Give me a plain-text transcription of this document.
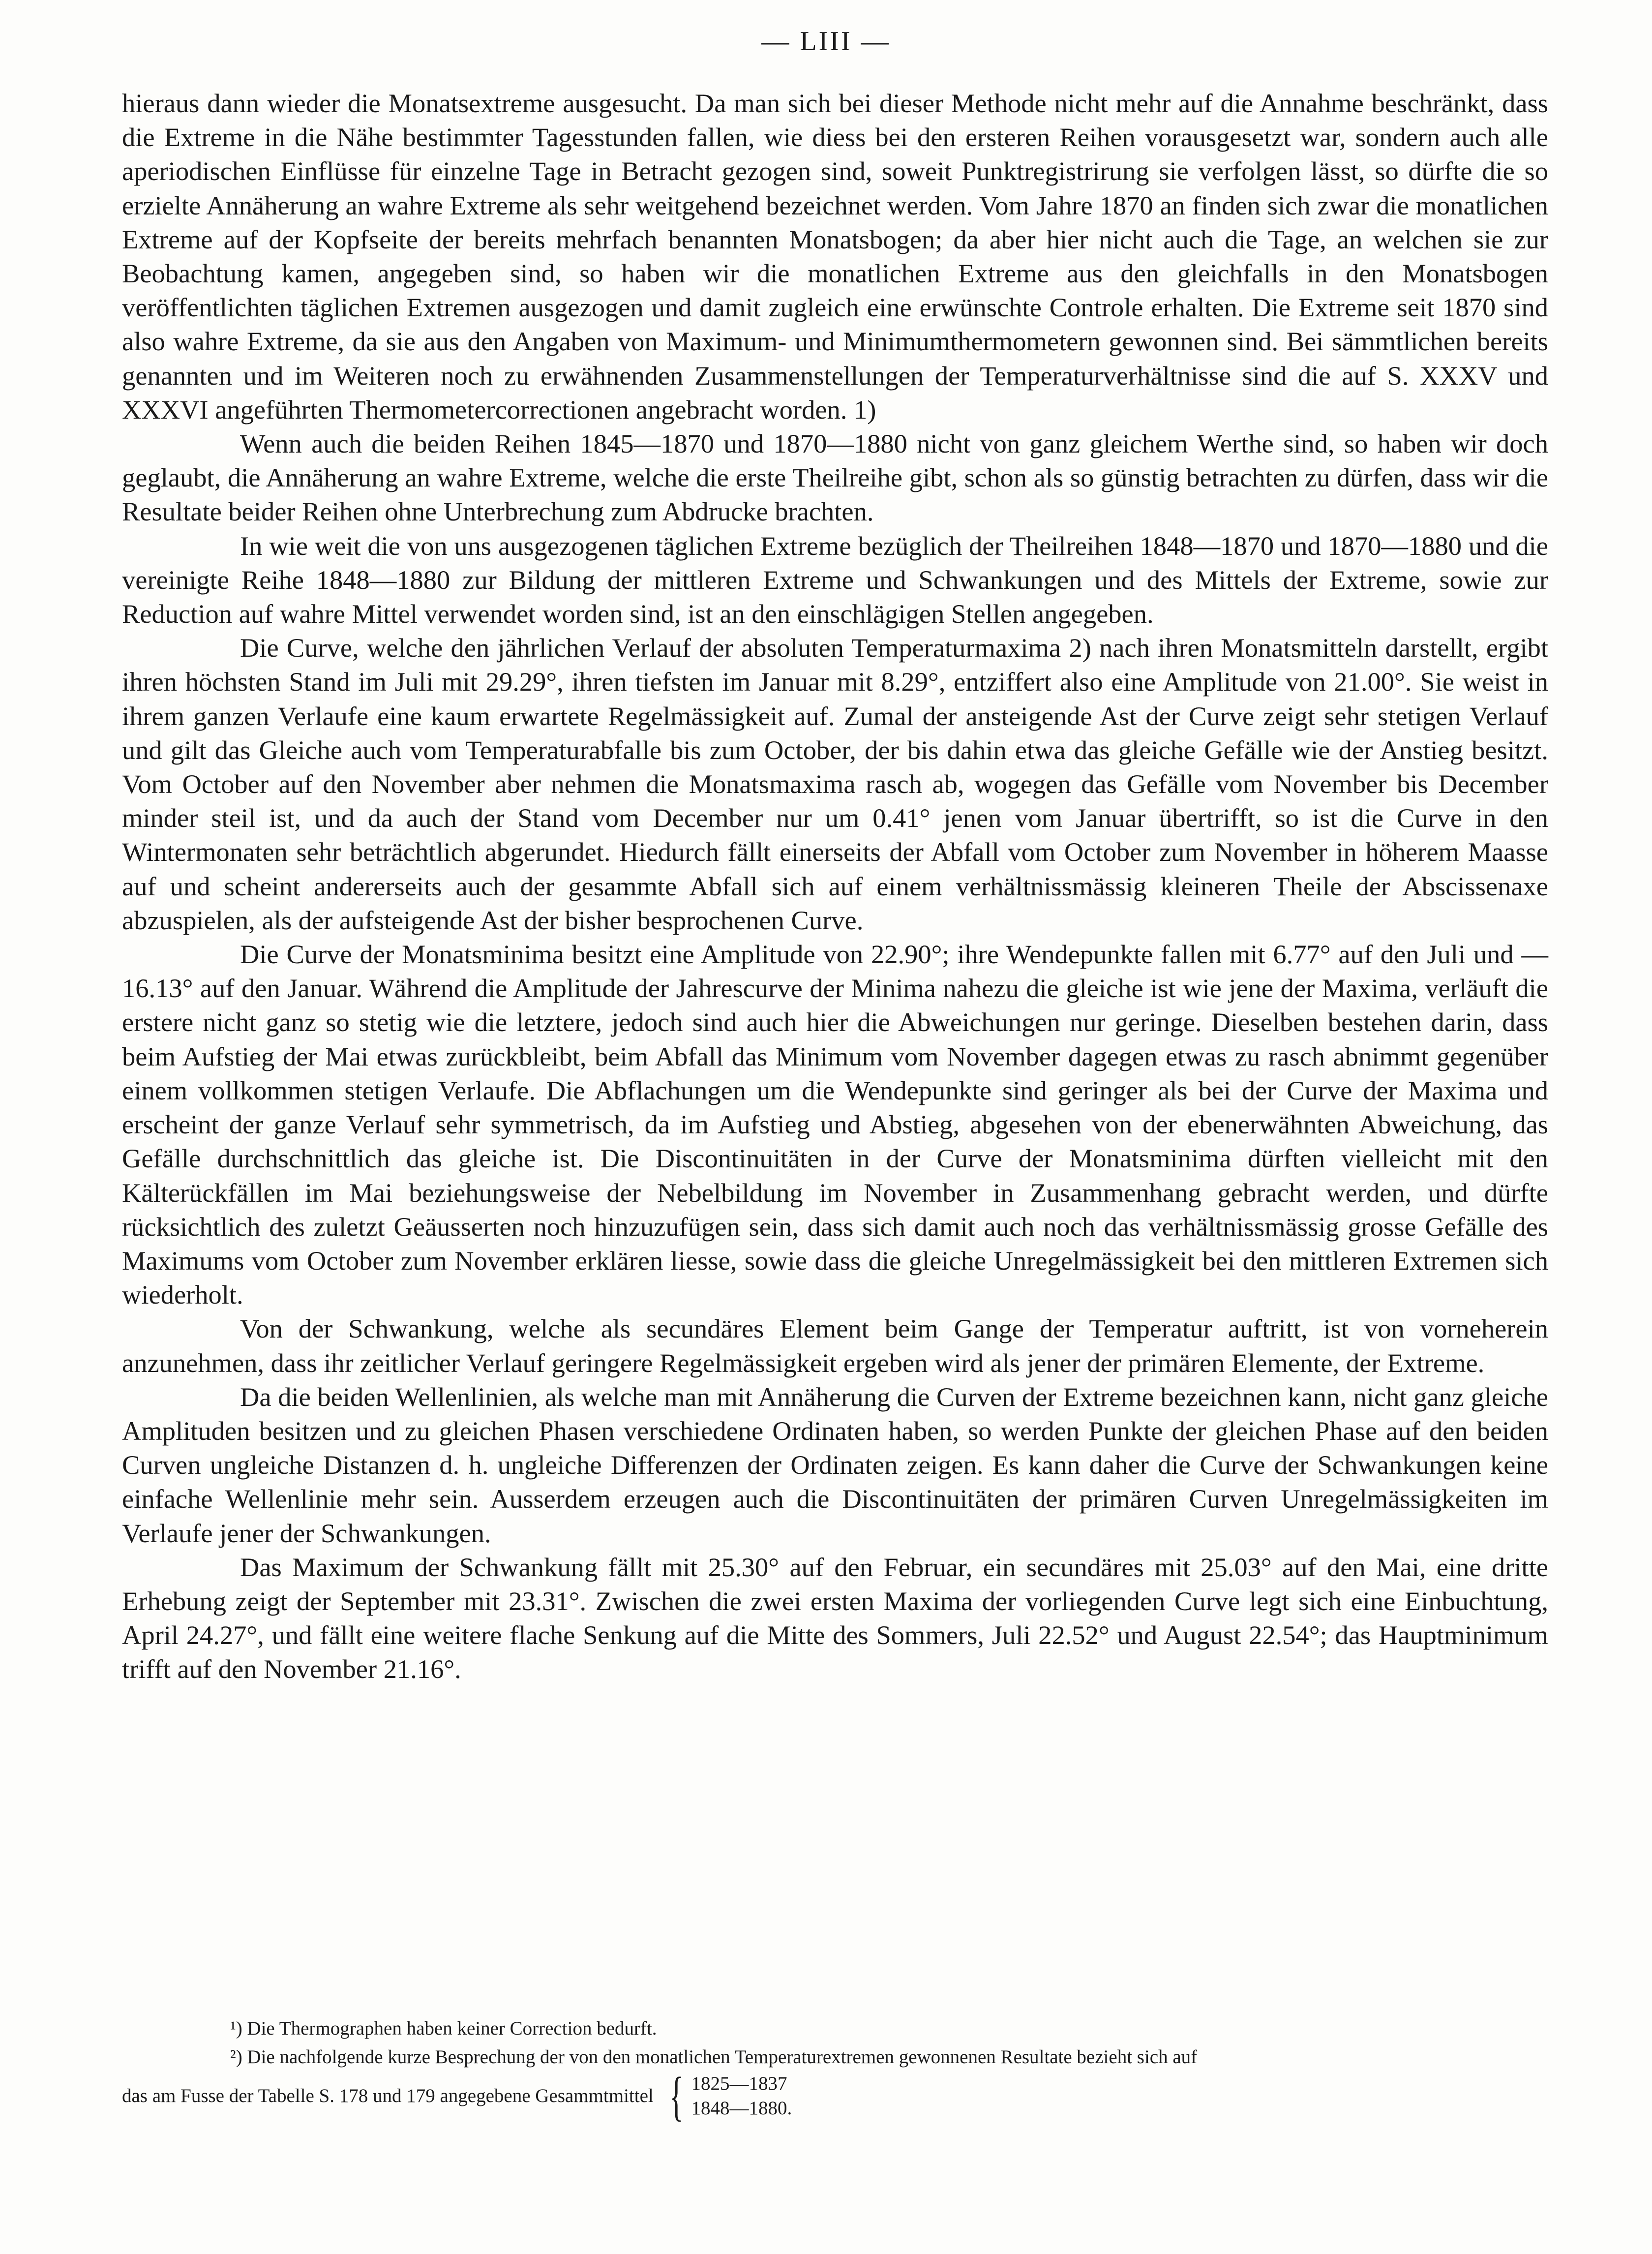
— LIII —

hieraus dann wieder die Monatsextreme ausgesucht. Da man sich bei dieser Methode nicht mehr auf die Annahme beschränkt, dass die Extreme in die Nähe bestimmter Tagesstunden fallen, wie diess bei den ersteren Reihen vorausgesetzt war, sondern auch alle aperiodischen Einflüsse für einzelne Tage in Betracht gezogen sind, soweit Punktregistrirung sie verfolgen lässt, so dürfte die so erzielte Annäherung an wahre Extreme als sehr weitgehend bezeichnet werden. Vom Jahre 1870 an finden sich zwar die monatlichen Extreme auf der Kopfseite der bereits mehrfach benannten Monatsbogen; da aber hier nicht auch die Tage, an welchen sie zur Beobachtung kamen, angegeben sind, so haben wir die monatlichen Extreme aus den gleichfalls in den Monatsbogen veröffentlichten täglichen Extremen ausgezogen und damit zugleich eine erwünschte Controle erhalten. Die Extreme seit 1870 sind also wahre Extreme, da sie aus den Angaben von Maximum- und Minimumthermometern gewonnen sind. Bei sämmtlichen bereits genannten und im Weiteren noch zu erwähnenden Zusammenstellungen der Temperaturverhältnisse sind die auf S. XXXV und XXXVI angeführten Thermometercorrectionen angebracht worden. 1)

Wenn auch die beiden Reihen 1845—1870 und 1870—1880 nicht von ganz gleichem Werthe sind, so haben wir doch geglaubt, die Annäherung an wahre Extreme, welche die erste Theilreihe gibt, schon als so günstig betrachten zu dürfen, dass wir die Resultate beider Reihen ohne Unterbrechung zum Abdrucke brachten.

In wie weit die von uns ausgezogenen täglichen Extreme bezüglich der Theilreihen 1848—1870 und 1870—1880 und die vereinigte Reihe 1848—1880 zur Bildung der mittleren Extreme und Schwankungen und des Mittels der Extreme, sowie zur Reduction auf wahre Mittel verwendet worden sind, ist an den einschlägigen Stellen angegeben.

Die Curve, welche den jährlichen Verlauf der absoluten Temperaturmaxima 2) nach ihren Monatsmitteln darstellt, ergibt ihren höchsten Stand im Juli mit 29.29°, ihren tiefsten im Januar mit 8.29°, entziffert also eine Amplitude von 21.00°. Sie weist in ihrem ganzen Verlaufe eine kaum erwartete Regelmässigkeit auf. Zumal der ansteigende Ast der Curve zeigt sehr stetigen Verlauf und gilt das Gleiche auch vom Temperaturabfalle bis zum October, der bis dahin etwa das gleiche Gefälle wie der Anstieg besitzt. Vom October auf den November aber nehmen die Monatsmaxima rasch ab, wogegen das Gefälle vom November bis December minder steil ist, und da auch der Stand vom December nur um 0.41° jenen vom Januar übertrifft, so ist die Curve in den Wintermonaten sehr beträchtlich abgerundet. Hiedurch fällt einerseits der Abfall vom October zum November in höherem Maasse auf und scheint andererseits auch der gesammte Abfall sich auf einem verhältnissmässig kleineren Theile der Abscissenaxe abzuspielen, als der aufsteigende Ast der bisher besprochenen Curve.

Die Curve der Monatsminima besitzt eine Amplitude von 22.90°; ihre Wendepunkte fallen mit 6.77° auf den Juli und — 16.13° auf den Januar. Während die Amplitude der Jahrescurve der Minima nahezu die gleiche ist wie jene der Maxima, verläuft die erstere nicht ganz so stetig wie die letztere, jedoch sind auch hier die Abweichungen nur geringe. Dieselben bestehen darin, dass beim Aufstieg der Mai etwas zurückbleibt, beim Abfall das Minimum vom November dagegen etwas zu rasch abnimmt gegenüber einem vollkommen stetigen Verlaufe. Die Abflachungen um die Wendepunkte sind geringer als bei der Curve der Maxima und erscheint der ganze Verlauf sehr symmetrisch, da im Aufstieg und Abstieg, abgesehen von der ebenerwähnten Abweichung, das Gefälle durchschnittlich das gleiche ist. Die Discontinuitäten in der Curve der Monatsminima dürften vielleicht mit den Kälterückfällen im Mai beziehungsweise der Nebelbildung im November in Zusammenhang gebracht werden, und dürfte rücksichtlich des zuletzt Geäusserten noch hinzuzufügen sein, dass sich damit auch noch das verhältnissmässig grosse Gefälle des Maximums vom October zum November erklären liesse, sowie dass die gleiche Unregelmässigkeit bei den mittleren Extremen sich wiederholt.

Von der Schwankung, welche als secundäres Element beim Gange der Temperatur auftritt, ist von vorneherein anzunehmen, dass ihr zeitlicher Verlauf geringere Regelmässigkeit ergeben wird als jener der primären Elemente, der Extreme.

Da die beiden Wellenlinien, als welche man mit Annäherung die Curven der Extreme bezeichnen kann, nicht ganz gleiche Amplituden besitzen und zu gleichen Phasen verschiedene Ordinaten haben, so werden Punkte der gleichen Phase auf den beiden Curven ungleiche Distanzen d. h. ungleiche Differenzen der Ordinaten zeigen. Es kann daher die Curve der Schwankungen keine einfache Wellenlinie mehr sein. Ausserdem erzeugen auch die Discontinuitäten der primären Curven Unregelmässigkeiten im Verlaufe jener der Schwankungen.

Das Maximum der Schwankung fällt mit 25.30° auf den Februar, ein secundäres mit 25.03° auf den Mai, eine dritte Erhebung zeigt der September mit 23.31°. Zwischen die zwei ersten Maxima der vorliegenden Curve legt sich eine Einbuchtung, April 24.27°, und fällt eine weitere flache Senkung auf die Mitte des Sommers, Juli 22.52° und August 22.54°; das Hauptminimum trifft auf den November 21.16°.

¹) Die Thermographen haben keiner Correction bedurft.

²) Die nachfolgende kurze Besprechung der von den monatlichen Temperaturextremen gewonnenen Resultate bezieht sich auf

das am Fusse der Tabelle S. 178 und 179 angegebene Gesammtmittel { 1825—1837
1848—1880.
